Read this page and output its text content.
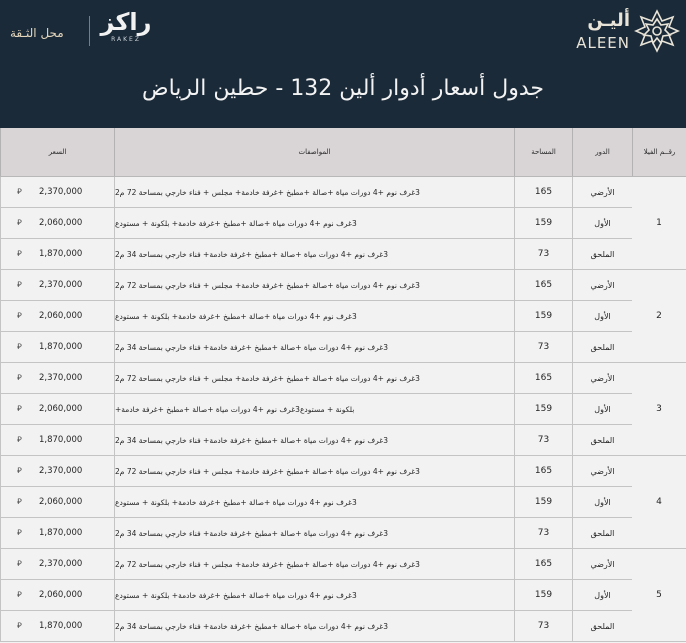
أليـن
ALEEN
راكز
RAKEZ
محل الثـقة
جدول أسعار أدوار ألين 132 - حطين الرياض
رقــم الفيلا
الدور
المساحة
المواصفات
السعر
الأرضي
165
3غرف نوم +4 دورات مياة +صالة +مطبخ +غرفة خادمة+ مجلس + فناء خارجي بمساحة 72 م2
2,370,000
⃁
الأول
159
3غرف نوم +4 دورات مياة +صالة +مطبخ +غرفة خادمة+ بلكونة + مستودع
2,060,000
⃁
الملحق
73
3غرف نوم +4 دورات مياة +صالة +مطبخ +غرفة خادمة+ فناء خارجي بمساحة 34 م2
1,870,000
⃁
الأرضي
165
3غرف نوم +4 دورات مياة +صالة +مطبخ +غرفة خادمة+ مجلس + فناء خارجي بمساحة 72 م2
2,370,000
⃁
الأول
159
3غرف نوم +4 دورات مياة +صالة +مطبخ +غرفة خادمة+ بلكونة + مستودع
2,060,000
⃁
الملحق
73
3غرف نوم +4 دورات مياة +صالة +مطبخ +غرفة خادمة+ فناء خارجي بمساحة 34 م2
1,870,000
⃁
الأرضي
165
3غرف نوم +4 دورات مياة +صالة +مطبخ +غرفة خادمة+ مجلس + فناء خارجي بمساحة 72 م2
2,370,000
⃁
الأول
159
بلكونة + مستودع3غرف نوم +4 دورات مياة +صالة +مطبخ +غرفة خادمة+
2,060,000
⃁
الملحق
73
3غرف نوم +4 دورات مياة +صالة +مطبخ +غرفة خادمة+ فناء خارجي بمساحة 34 م2
1,870,000
⃁
الأرضي
165
3غرف نوم +4 دورات مياة +صالة +مطبخ +غرفة خادمة+ مجلس + فناء خارجي بمساحة 72 م2
2,370,000
⃁
الأول
159
3غرف نوم +4 دورات مياة +صالة +مطبخ +غرفة خادمة+ بلكونة + مستودع
2,060,000
⃁
الملحق
73
3غرف نوم +4 دورات مياة +صالة +مطبخ +غرفة خادمة+ فناء خارجي بمساحة 34 م2
1,870,000
⃁
الأرضي
165
3غرف نوم +4 دورات مياة +صالة +مطبخ +غرفة خادمة+ مجلس + فناء خارجي بمساحة 72 م2
2,370,000
⃁
الأول
159
3غرف نوم +4 دورات مياة +صالة +مطبخ +غرفة خادمة+ بلكونة + مستودع
2,060,000
⃁
الملحق
73
3غرف نوم +4 دورات مياة +صالة +مطبخ +غرفة خادمة+ فناء خارجي بمساحة 34 م2
1,870,000
⃁
1
2
3
4
5
